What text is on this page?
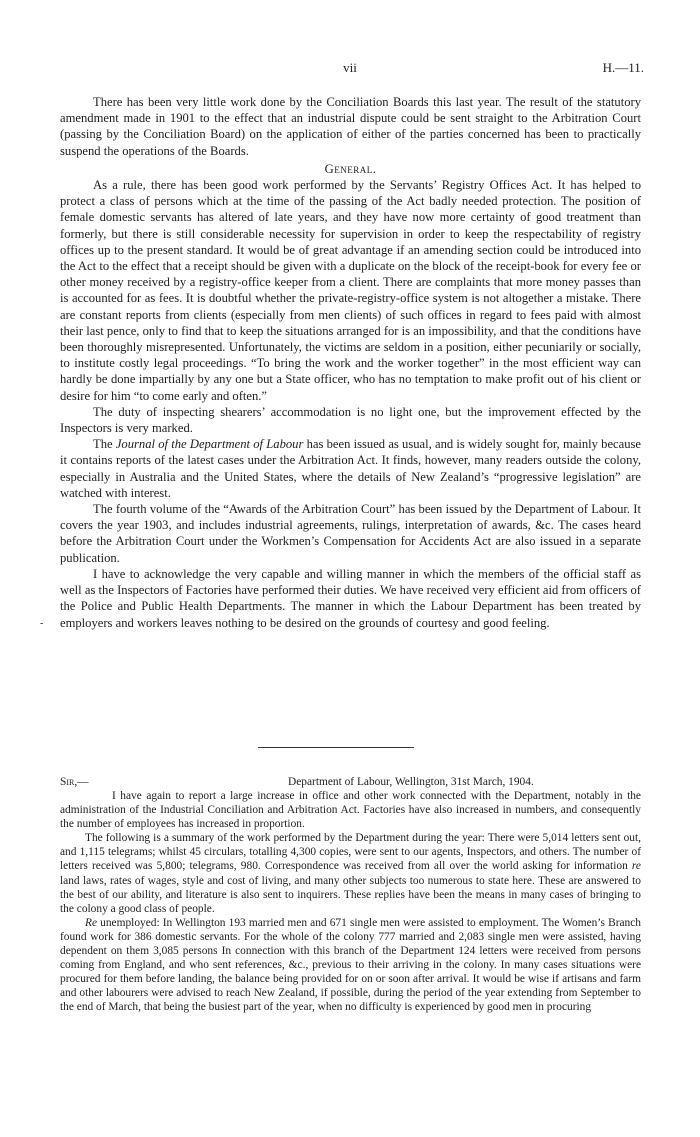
vii	H.—11.

There has been very little work done by the Conciliation Boards this last year. The result of the statutory amendment made in 1901 to the effect that an industrial dispute could be sent straight to the Arbitration Court (passing by the Conciliation Board) on the application of either of the parties concerned has been to practically suspend the operations of the Boards.

General.

As a rule, there has been good work performed by the Servants’ Registry Offices Act. It has helped to protect a class of persons which at the time of the passing of the Act badly needed protection. The position of female domestic servants has altered of late years, and they have now more certainty of good treatment than formerly, but there is still considerable necessity for supervision in order to keep the respectability of registry offices up to the present standard. It would be of great advantage if an amending section could be introduced into the Act to the effect that a receipt should be given with a duplicate on the block of the receipt-book for every fee or other money received by a registry-office keeper from a client. There are complaints that more money passes than is accounted for as fees. It is doubtful whether the private-registry-office system is not altogether a mistake. There are constant reports from clients (especially from men clients) of such offices in regard to fees paid with almost their last pence, only to find that to keep the situations arranged for is an impossibility, and that the conditions have been thoroughly misrepresented. Unfortunately, the victims are seldom in a position, either pecuniarily or socially, to institute costly legal proceedings. “To bring the work and the worker together” in the most efficient way can hardly be done impartially by any one but a State officer, who has no temptation to make profit out of his client or desire for him “to come early and often.”

The duty of inspecting shearers’ accommodation is no light one, but the improvement effected by the Inspectors is very marked.

The Journal of the Department of Labour has been issued as usual, and is widely sought for, mainly because it contains reports of the latest cases under the Arbitration Act. It finds, however, many readers outside the colony, especially in Australia and the United States, where the details of New Zealand’s “progressive legislation” are watched with interest.

The fourth volume of the “Awards of the Arbitration Court” has been issued by the Department of Labour. It covers the year 1903, and includes industrial agreements, rulings, interpretation of awards, &c. The cases heard before the Arbitration Court under the Workmen’s Compensation for Accidents Act are also issued in a separate publication.

I have to acknowledge the very capable and willing manner in which the members of the official staff as well as the Inspectors of Factories have performed their duties. We have received very efficient aid from officers of the Police and Public Health Departments. The manner in which the Labour Department has been treated by employers and workers leaves nothing to be desired on the grounds of courtesy and good feeling.

-

Sir,—	Department of Labour, Wellington, 31st March, 1904.

I have again to report a large increase in office and other work connected with the Department, notably in the administration of the Industrial Conciliation and Arbitration Act. Factories have also increased in numbers, and consequently the number of employees has increased in proportion.

The following is a summary of the work performed by the Department during the year: There were 5,014 letters sent out, and 1,115 telegrams; whilst 45 circulars, totalling 4,300 copies, were sent to our agents, Inspectors, and others. The number of letters received was 5,800; telegrams, 980. Correspondence was received from all over the world asking for information re land laws, rates of wages, style and cost of living, and many other subjects too numerous to state here. These are answered to the best of our ability, and literature is also sent to inquirers. These replies have been the means in many cases of bringing to the colony a good class of people.

Re unemployed: In Wellington 193 married men and 671 single men were assisted to employment. The Women’s Branch found work for 386 domestic servants. For the whole of the colony 777 married and 2,083 single men were assisted, having dependent on them 3,085 persons In connection with this branch of the Department 124 letters were received from persons coming from England, and who sent references, &c., previous to their arriving in the colony. In many cases situations were procured for them before landing, the balance being provided for on or soon after arrival. It would be wise if artisans and farm and other labourers were advised to reach New Zealand, if possible, during the period of the year extending from September to the end of March, that being the busiest part of the year, when no difficulty is experienced by good men in procuring
